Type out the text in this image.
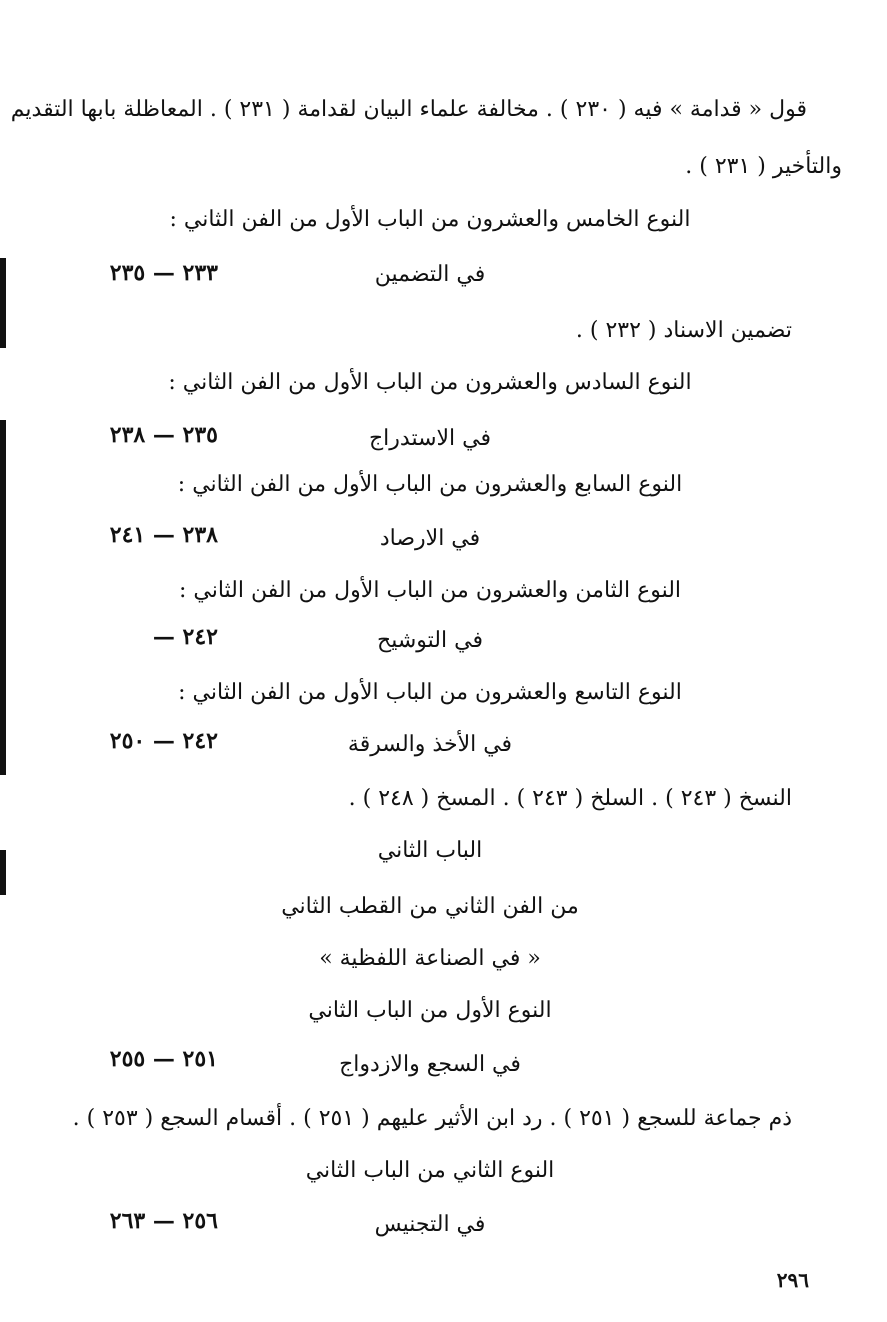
قول « قدامة » فيه ( ٢٣٠ ) . مخالفة علماء البيان لقدامة ( ٢٣١ ) . المعاظلة بابها التقديم
والتأخير ( ٢٣١ ) .
النوع الخامس والعشرون من الباب الأول من الفن الثاني :
في التضمين
٢٣٣ — ٢٣٥
تضمين الاسناد ( ٢٣٢ ) .
النوع السادس والعشرون من الباب الأول من الفن الثاني :
في الاستدراج
٢٣٥ — ٢٣٨
النوع السابع والعشرون من الباب الأول من الفن الثاني :
في الارصاد
٢٣٨ — ٢٤١
النوع الثامن والعشرون من الباب الأول من الفن الثاني :
في التوشيح
٢٤٢ —
النوع التاسع والعشرون من الباب الأول من الفن الثاني :
في الأخذ والسرقة
٢٤٢ — ٢٥٠
النسخ ( ٢٤٣ ) . السلخ ( ٢٤٣ ) . المسخ ( ٢٤٨ ) .
الباب الثاني
من الفن الثاني من القطب الثاني
« في الصناعة اللفظية »
النوع الأول من الباب الثاني
في السجع والازدواج
٢٥١ — ٢٥٥
ذم جماعة للسجع ( ٢٥١ ) . رد ابن الأثير عليهم ( ٢٥١ ) . أقسام السجع ( ٢٥٣ ) .
النوع الثاني من الباب الثاني
في التجنيس
٢٥٦ — ٢٦٣
٢٩٦
